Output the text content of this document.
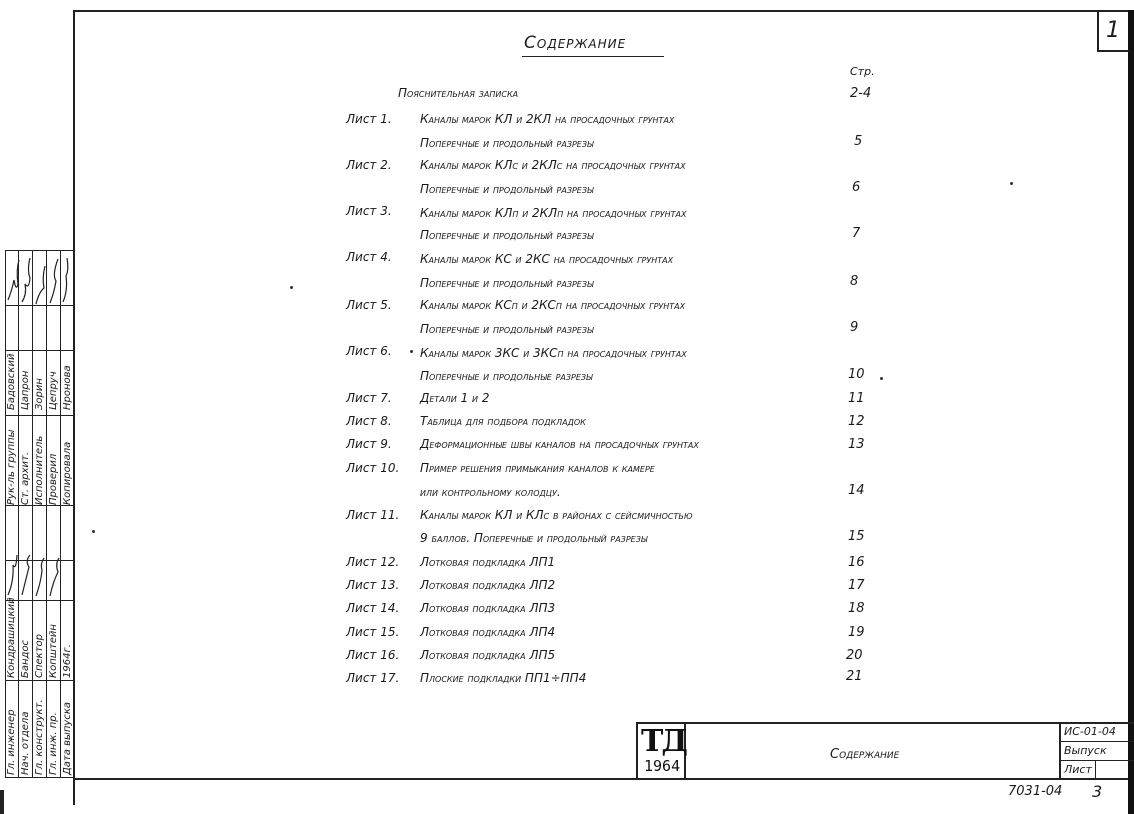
1
Содержание
Стр.
Пояснительная записка	2-4
Лист 1. Каналы марок КЛ и 2КЛ на просадочных грунтах
Поперечные и продольный разрезы	5
Лист 2. Каналы марок КЛс и 2КЛс на просадочных грунтах
Поперечные и продольный разрезы	6
Лист 3. Каналы марок КЛп и 2КЛп на просадочных грунтах
Поперечные и продольный разрезы	7
Лист 4. Каналы марок КС и 2КС на просадочных грунтах
Поперечные и продольный разрезы	8
Лист 5. Каналы марок КСп и 2КСп на просадочных грунтах
Поперечные и продольный разрезы	9
Лист 6. Каналы марок 3КС и 3КСп на просадочных грунтах
Поперечные и продольные разрезы	10
Лист 7. Детали 1 и 2	11
Лист 8. Таблица для подбора подкладок	12
Лист 9. Деформационные швы каналов на просадочных грунтах	13
Лист 10. Пример решения примыкания каналов к камере
или контрольному колодцу.	14
Лист 11. Каналы марок КЛ и КЛс в районах с сейсмичностью
9 баллов. Поперечные и продольный разрезы	15
Лист 12. Лотковая подкладка ЛП1	16
Лист 13. Лотковая подкладка ЛП2	17
Лист 14. Лотковая подкладка ЛП3	18
Лист 15. Лотковая подкладка ЛП4	19
Лист 16. Лотковая подкладка ЛП5	20
Лист 17. Плоские подкладки ПП1÷ПП4	21
ТД
1964
Содержание
ИС-01-04
Выпуск
Лист
7031-04 3
Рук-ль группы
Бадовский
Ст. архит.
Цапрон
Исполнитель
Зорин
Проверил
Цепруч
Копировала
Нронова
Гл. инженер
Кондрашицкий
Нач. отдела
Бандос
Гл. конструкт.
Спектор
Гл. инж. пр.
Копштейн
Дата выпуска
1964г.
